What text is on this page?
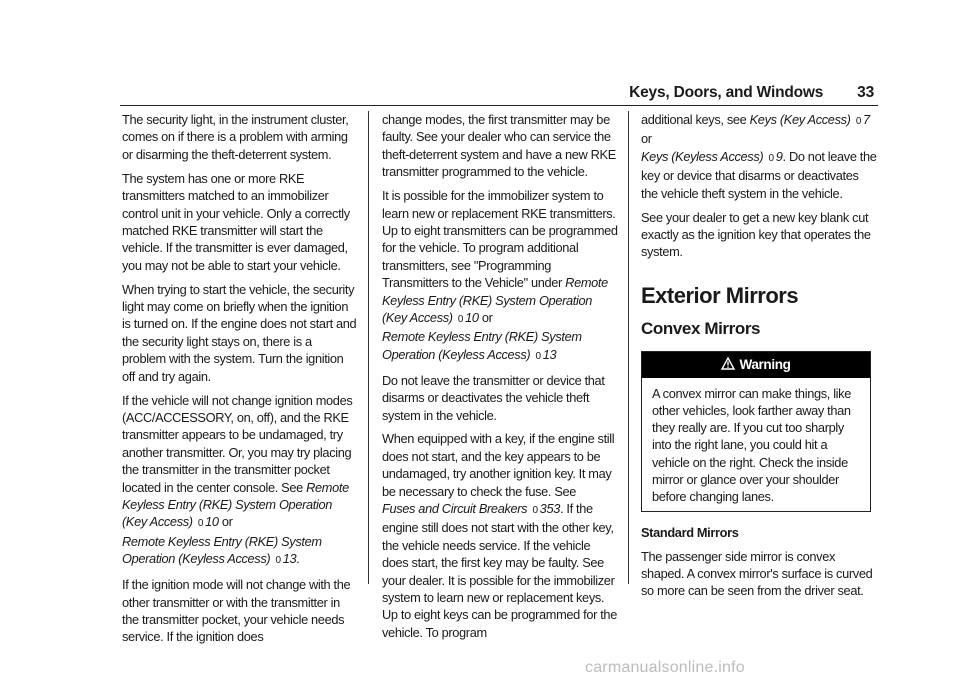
Keys, Doors, and Windows 33

The security light, in the instrument cluster, comes on if there is a problem with arming or disarming the theft-deterrent system.

The system has one or more RKE transmitters matched to an immobilizer control unit in your vehicle. Only a correctly matched RKE transmitter will start the vehicle. If the transmitter is ever damaged, you may not be able to start your vehicle.

When trying to start the vehicle, the security light may come on briefly when the ignition is turned on. If the engine does not start and the security light stays on, there is a problem with the system. Turn the ignition off and try again.

If the vehicle will not change ignition modes (ACC/ACCESSORY, on, off), and the RKE transmitter appears to be undamaged, try another transmitter. Or, you may try placing the transmitter in the transmitter pocket located in the center console. See Remote Keyless Entry (RKE) System Operation (Key Access) 0 10 or
Remote Keyless Entry (RKE) System Operation (Keyless Access) 0 13.

If the ignition mode will not change with the other transmitter or with the transmitter in the transmitter pocket, your vehicle needs service. If the ignition does

change modes, the first transmitter may be faulty. See your dealer who can service the theft-deterrent system and have a new RKE transmitter programmed to the vehicle.

It is possible for the immobilizer system to learn new or replacement RKE transmitters. Up to eight transmitters can be programmed for the vehicle. To program additional transmitters, see "Programming Transmitters to the Vehicle" under Remote Keyless Entry (RKE) System Operation (Key Access) 0 10 or
Remote Keyless Entry (RKE) System Operation (Keyless Access) 0 13

Do not leave the transmitter or device that disarms or deactivates the vehicle theft system in the vehicle.

When equipped with a key, if the engine still does not start, and the key appears to be undamaged, try another ignition key. It may be necessary to check the fuse. See
Fuses and Circuit Breakers 0 353. If the engine still does not start with the other key, the vehicle needs service. If the vehicle does start, the first key may be faulty. See your dealer. It is possible for the immobilizer system to learn new or replacement keys. Up to eight keys can be programmed for the vehicle. To program

additional keys, see Keys (Key Access) 0 7 or
Keys (Keyless Access) 0 9. Do not leave the key or device that disarms or deactivates the vehicle theft system in the vehicle.

See your dealer to get a new key blank cut exactly as the ignition key that operates the system.

Exterior Mirrors
Convex Mirrors
Warning
A convex mirror can make things, like other vehicles, look farther away than they really are. If you cut too sharply into the right lane, you could hit a vehicle on the right. Check the inside mirror or glance over your shoulder before changing lanes.
Standard Mirrors

The passenger side mirror is convex shaped. A convex mirror's surface is curved so more can be seen from the driver seat.

carmanualsonline.info
